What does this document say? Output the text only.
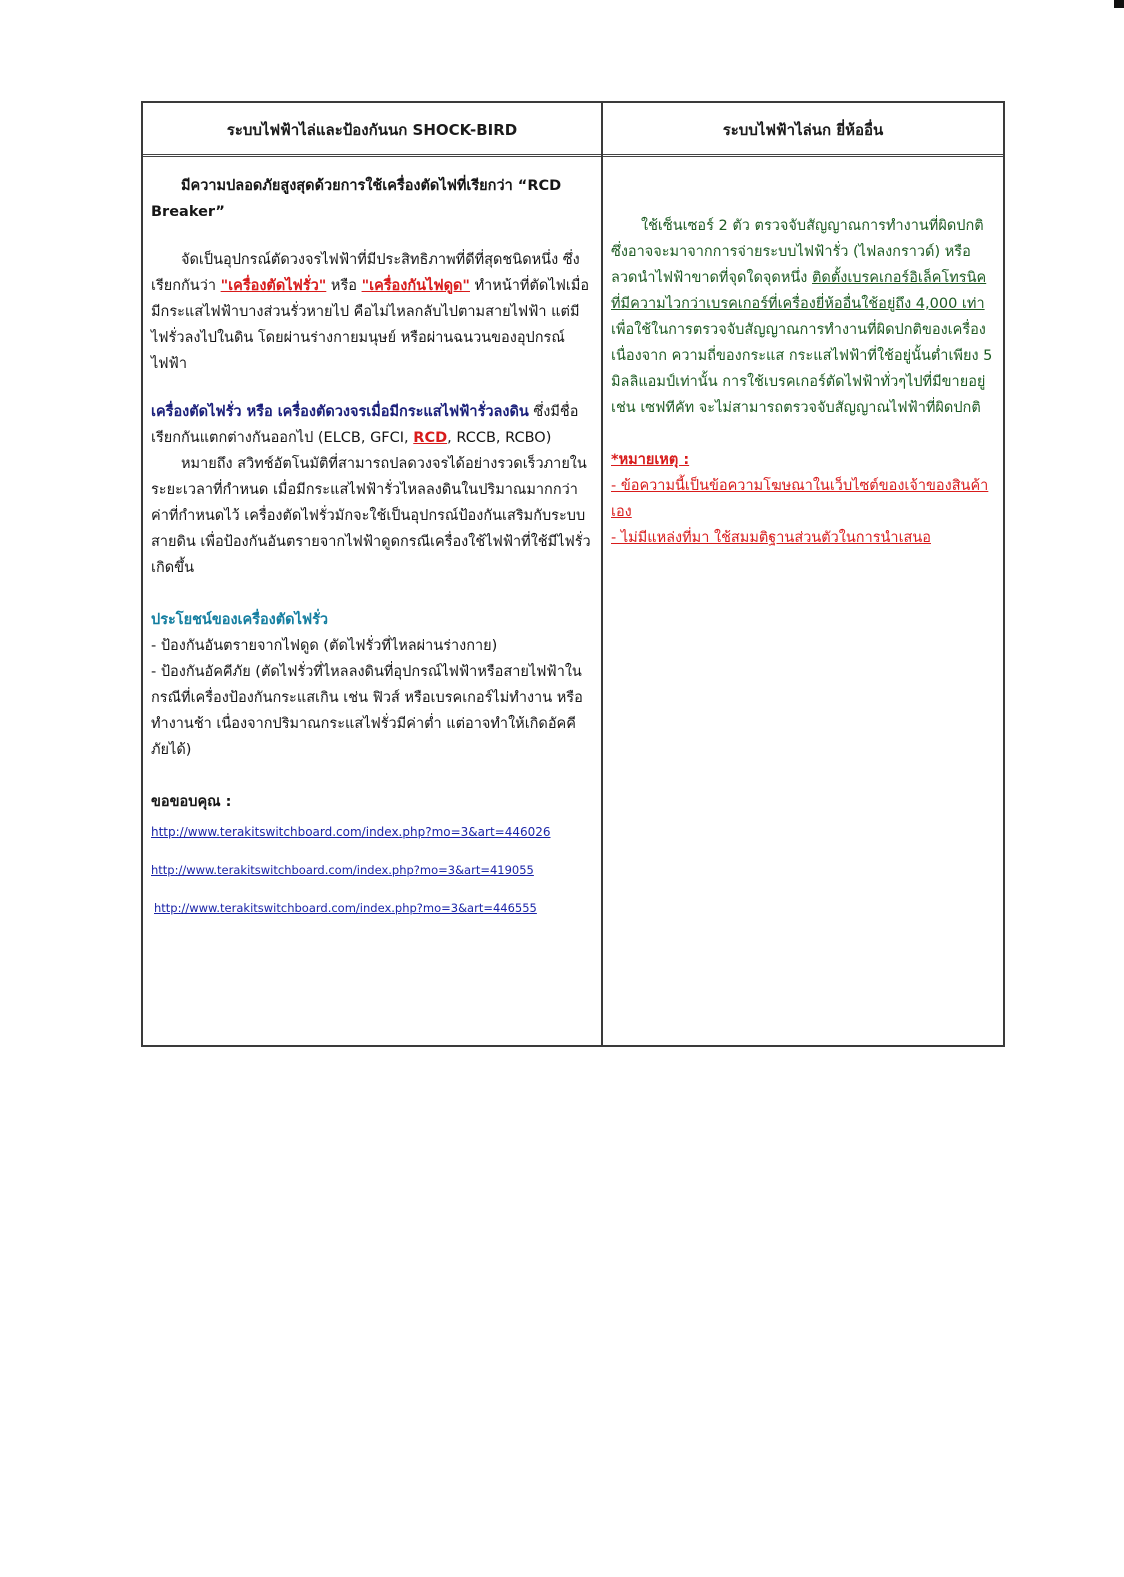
ระบบไฟฟ้าไล่และป้องกันนก SHOCK-BIRD	ระบบไฟฟ้าไล่นก ยี่ห้ออื่น

มีความปลอดภัยสูงสุดด้วยการใช้เครื่องตัดไฟที่เรียกว่า “RCD Breaker”

จัดเป็นอุปกรณ์ตัดวงจรไฟฟ้าที่มีประสิทธิภาพที่ดีที่สุดชนิดหนึ่ง ซึ่งเรียกกันว่า "เครื่องตัดไฟรั่ว" หรือ "เครื่องกันไฟดูด" ทำหน้าที่ตัดไฟเมื่อมีกระแสไฟฟ้าบางส่วนรั่วหายไป คือไม่ไหลกลับไปตามสายไฟฟ้า แต่มีไฟรั่วลงไปในดิน โดยผ่านร่างกายมนุษย์ หรือผ่านฉนวนของอุปกรณ์ไฟฟ้า

เครื่องตัดไฟรั่ว หรือ เครื่องตัดวงจรเมื่อมีกระแสไฟฟ้ารั่วลงดิน ซึ่งมีชื่อเรียกกันแตกต่างกันออกไป (ELCB, GFCI, RCD, RCCB, RCBO)

หมายถึง สวิทช์อัตโนมัติที่สามารถปลดวงจรได้อย่างรวดเร็วภายในระยะเวลาที่กำหนด เมื่อมีกระแสไฟฟ้ารั่วไหลลงดินในปริมาณมากกว่าค่าที่กำหนดไว้ เครื่องตัดไฟรั่วมักจะใช้เป็นอุปกรณ์ป้องกันเสริมกับระบบสายดิน เพื่อป้องกันอันตรายจากไฟฟ้าดูดกรณีเครื่องใช้ไฟฟ้าที่ใช้มีไฟรั่วเกิดขึ้น

ประโยชน์ของเครื่องตัดไฟรั่ว

- ป้องกันอันตรายจากไฟดูด (ตัดไฟรั่วที่ไหลผ่านร่างกาย)

- ป้องกันอัคคีภัย (ตัดไฟรั่วที่ไหลลงดินที่อุปกรณ์ไฟฟ้าหรือสายไฟฟ้าในกรณีที่เครื่องป้องกันกระแสเกิน เช่น ฟิวส์ หรือเบรคเกอร์ไม่ทำงาน หรือทำงานช้า เนื่องจากปริมาณกระแสไฟรั่วมีค่าต่ำ แต่อาจทำให้เกิดอัคคีภัยได้)

ขอขอบคุณ :

http://www.terakitswitchboard.com/index.php?mo=3&art=446026
http://www.terakitswitchboard.com/index.php?mo=3&art=419055
http://www.terakitswitchboard.com/index.php?mo=3&art=446555

ใช้เซ็นเซอร์ 2 ตัว ตรวจจับสัญญาณการทำงานที่ผิดปกติซึ่งอาจจะมาจากการจ่ายระบบไฟฟ้ารั่ว (ไฟลงกราวด์) หรือลวดนำไฟฟ้าขาดที่จุดใดจุดหนึ่ง ติดตั้งเบรคเกอร์อิเล็คโทรนิคที่มีความไวกว่าเบรคเกอร์ที่เครื่องยี่ห้ออื่นใช้อยู่ถึง 4,000 เท่า เพื่อใช้ในการตรวจจับสัญญาณการทำงานที่ผิดปกติของเครื่อง เนื่องจาก ความถี่ของกระแส กระแสไฟฟ้าที่ใช้อยู่นั้นต่ำเพียง 5 มิลลิแอมป์เท่านั้น การใช้เบรคเกอร์ตัดไฟฟ้าทั่วๆไปที่มีขายอยู่ เช่น เซฟทีคัท จะไม่สามารถตรวจจับสัญญาณไฟฟ้าที่ผิดปกติ

*หมายเหตุ :

- ข้อความนี้เป็นข้อความโฆษณาในเว็บไซต์ของเจ้าของสินค้าเอง

- ไม่มีแหล่งที่มา ใช้สมมติฐานส่วนตัวในการนำเสนอ
